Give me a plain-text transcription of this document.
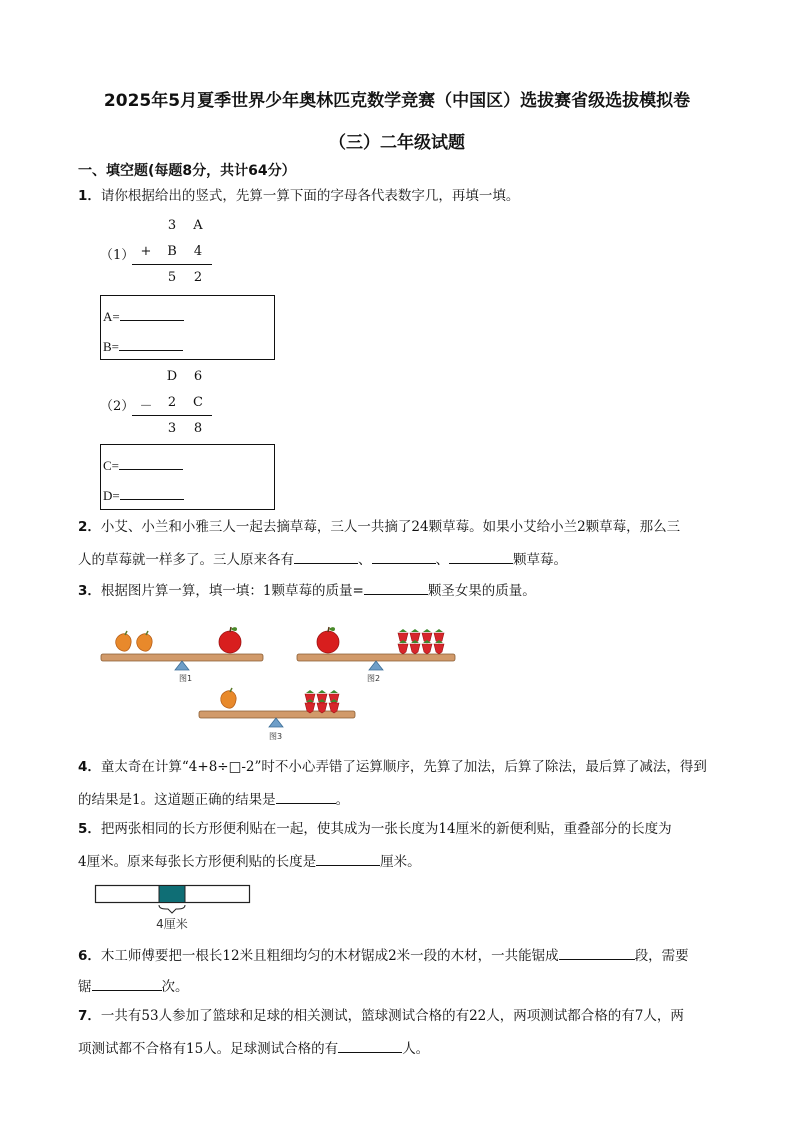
2025年5月夏季世界少年奥林匹克数学竞赛（中国区）选拔赛省级选拔模拟卷
（三）二年级试题
一、填空题(每题8分，共计64分）
1．请你根据给出的竖式，先算一算下面的字母各代表数字几，再填一填。
3	A
（1） +	B	4
5	2
A=
B=
D	6
（2） －	2	C
3	8
C=
D=
2．小艾、小兰和小雅三人一起去摘草莓，三人一共摘了24颗草莓。如果小艾给小兰2颗草莓，那么三
人的草莓就一样多了。三人原来各有	、	、	颗草莓。
3．根据图片算一算，填一填：1颗草莓的质量=	颗圣女果的质量。
图1	图2
图3
4．童太奇在计算“4+8÷□-2”时不小心弄错了运算顺序，先算了加法，后算了除法，最后算了减法，得到
的结果是1。这道题正确的结果是	。
5．把两张相同的长方形便利贴在一起，使其成为一张长度为14厘米的新便利贴，重叠部分的长度为
4厘米。原来每张长方形便利贴的长度是	厘米。
4厘米
6．木工师傅要把一根长12米且粗细均匀的木材锯成2米一段的木材，一共能锯成	段，需要
锯	次。
7．一共有53人参加了篮球和足球的相关测试，篮球测试合格的有22人，两项测试都合格的有7人，两
项测试都不合格有15人。足球测试合格的有	人。
